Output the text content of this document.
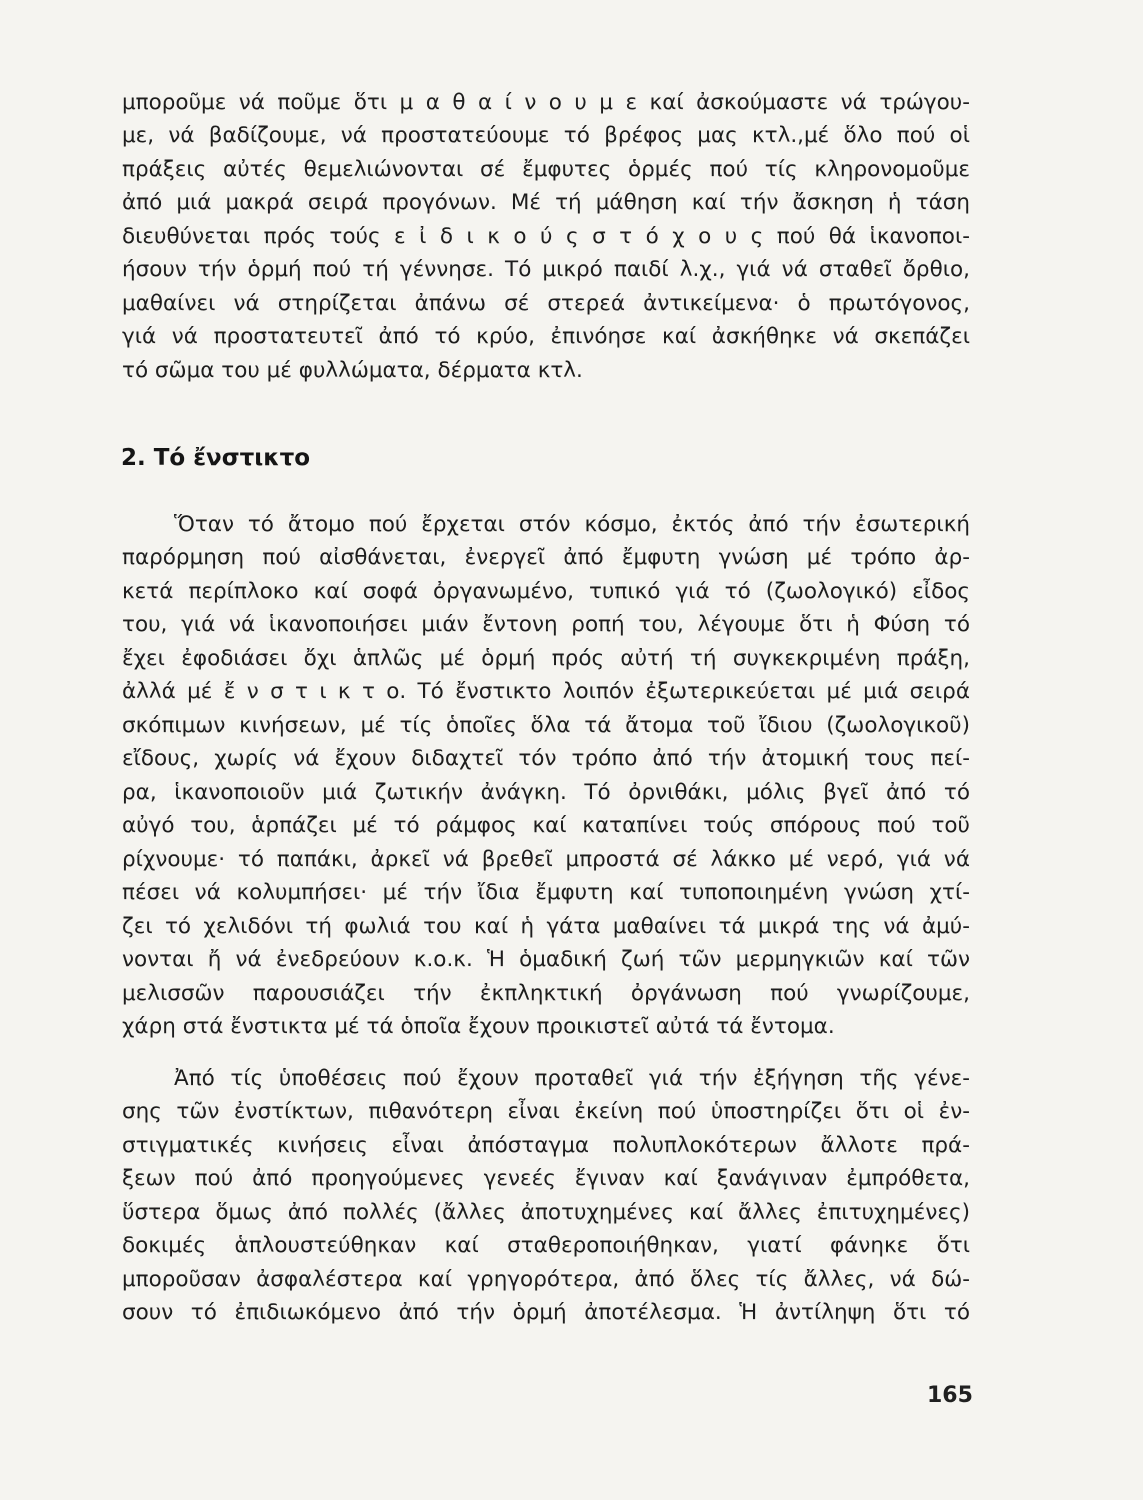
μποροῦμε νά ποῦμε ὅτι μ α θ α ί ν ο υ μ ε καί ἀσκούμαστε νά τρώγου-

με, νά βαδίζουμε, νά προστατεύουμε τό βρέφος μας κτλ.,μέ ὅλο πού οἱ

πράξεις αὐτές θεμελιώνονται σέ ἔμφυτες ὁρμές πού τίς κληρονομοῦμε

ἀπό μιά μακρά σειρά προγόνων. Μέ τή μάθηση καί τήν ἄσκηση ἡ τάση

διευθύνεται πρός τούς ε ἰ δ ι κ ο ύ ς σ τ ό χ ο υ ς πού θά ἱκανοποι-

ήσουν τήν ὁρμή πού τή γέννησε. Τό μικρό παιδί λ.χ., γιά νά σταθεῖ ὄρθιο,

μαθαίνει νά στηρίζεται ἀπάνω σέ στερεά ἀντικείμενα· ὁ πρωτόγονος,

γιά νά προστατευτεῖ ἀπό τό κρύο, ἐπινόησε καί ἀσκήθηκε νά σκεπάζει

τό σῶμα του μέ φυλλώματα, δέρματα κτλ.

2. Τό ἔνστικτο

Ὅταν τό ἄτομο πού ἔρχεται στόν κόσμο, ἐκτός ἀπό τήν ἐσωτερική

παρόρμηση πού αἰσθάνεται, ἐνεργεῖ ἀπό ἔμφυτη γνώση μέ τρόπο ἀρ-

κετά περίπλοκο καί σοφά ὀργανωμένο, τυπικό γιά τό (ζωολογικό) εἶδος

του, γιά νά ἱκανοποιήσει μιάν ἔντονη ροπή του, λέγουμε ὅτι ἡ Φύση τό

ἔχει ἐφοδιάσει ὄχι ἁπλῶς μέ ὁρμή πρός αὐτή τή συγκεκριμένη πράξη,

ἀλλά μέ ἔ ν σ τ ι κ τ ο. Τό ἔνστικτο λοιπόν ἐξωτερικεύεται μέ μιά σειρά

σκόπιμων κινήσεων, μέ τίς ὁποῖες ὅλα τά ἄτομα τοῦ ἴδιου (ζωολογικοῦ)

εἴδους, χωρίς νά ἔχουν διδαχτεῖ τόν τρόπο ἀπό τήν ἀτομική τους πεί-

ρα, ἱκανοποιοῦν μιά ζωτικήν ἀνάγκη. Τό ὀρνιθάκι, μόλις βγεῖ ἀπό τό

αὐγό του, ἁρπάζει μέ τό ράμφος καί καταπίνει τούς σπόρους πού τοῦ

ρίχνουμε· τό παπάκι, ἀρκεῖ νά βρεθεῖ μπροστά σέ λάκκο μέ νερό, γιά νά

πέσει νά κολυμπήσει· μέ τήν ἴδια ἔμφυτη καί τυποποιημένη γνώση χτί-

ζει τό χελιδόνι τή φωλιά του καί ἡ γάτα μαθαίνει τά μικρά της νά ἀμύ-

νονται ἤ νά ἐνεδρεύουν κ.ο.κ. Ἡ ὁμαδική ζωή τῶν μερμηγκιῶν καί τῶν

μελισσῶν παρουσιάζει τήν ἐκπληκτική ὀργάνωση πού γνωρίζουμε,

χάρη στά ἔνστικτα μέ τά ὁποῖα ἔχουν προικιστεῖ αὐτά τά ἔντομα.

Ἀπό τίς ὑποθέσεις πού ἔχουν προταθεῖ γιά τήν ἐξήγηση τῆς γένε-

σης τῶν ἐνστίκτων, πιθανότερη εἶναι ἐκείνη πού ὑποστηρίζει ὅτι οἱ ἐν-

στιγματικές κινήσεις εἶναι ἀπόσταγμα πολυπλοκότερων ἄλλοτε πρά-

ξεων πού ἀπό προηγούμενες γενεές ἔγιναν καί ξανάγιναν ἐμπρόθετα,

ὕστερα ὅμως ἀπό πολλές (ἄλλες ἀποτυχημένες καί ἄλλες ἐπιτυχημένες)

δοκιμές ἁπλουστεύθηκαν καί σταθεροποιήθηκαν, γιατί φάνηκε ὅτι

μποροῦσαν ἀσφαλέστερα καί γρηγορότερα, ἀπό ὅλες τίς ἄλλες, νά δώ-

σουν τό ἐπιδιωκόμενο ἀπό τήν ὁρμή ἀποτέλεσμα. Ἡ ἀντίληψη ὅτι τό

165
